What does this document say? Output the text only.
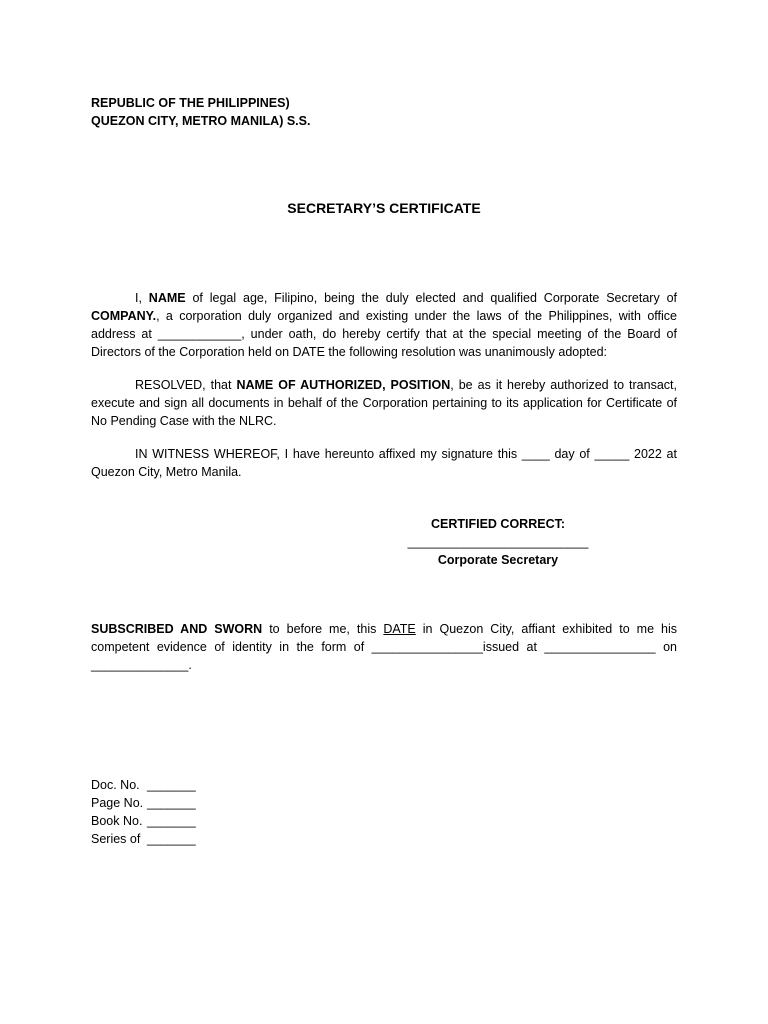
REPUBLIC OF THE PHILIPPINES)
QUEZON CITY, METRO MANILA) S.S.
SECRETARY’S CERTIFICATE
I, NAME of legal age, Filipino, being the duly elected and qualified Corporate Secretary of COMPANY., a corporation duly organized and existing under the laws of the Philippines, with office address at ____________, under oath, do hereby certify that at the special meeting of the Board of Directors of the Corporation held on DATE the following resolution was unanimously adopted:
RESOLVED, that NAME OF AUTHORIZED, POSITION, be as it hereby authorized to transact, execute and sign all documents in behalf of the Corporation pertaining to its application for Certificate of No Pending Case with the NLRC.
IN WITNESS WHEREOF, I have hereunto affixed my signature this ____ day of _____ 2022 at Quezon City, Metro Manila.
CERTIFIED CORRECT:
__________________________
Corporate Secretary
SUBSCRIBED AND SWORN to before me, this DATE in Quezon City, affiant exhibited to me his competent evidence of identity in the form of ________________issued at ________________ on ______________.
Doc. No. _______
Page No. _______
Book No. _______
Series of _______
